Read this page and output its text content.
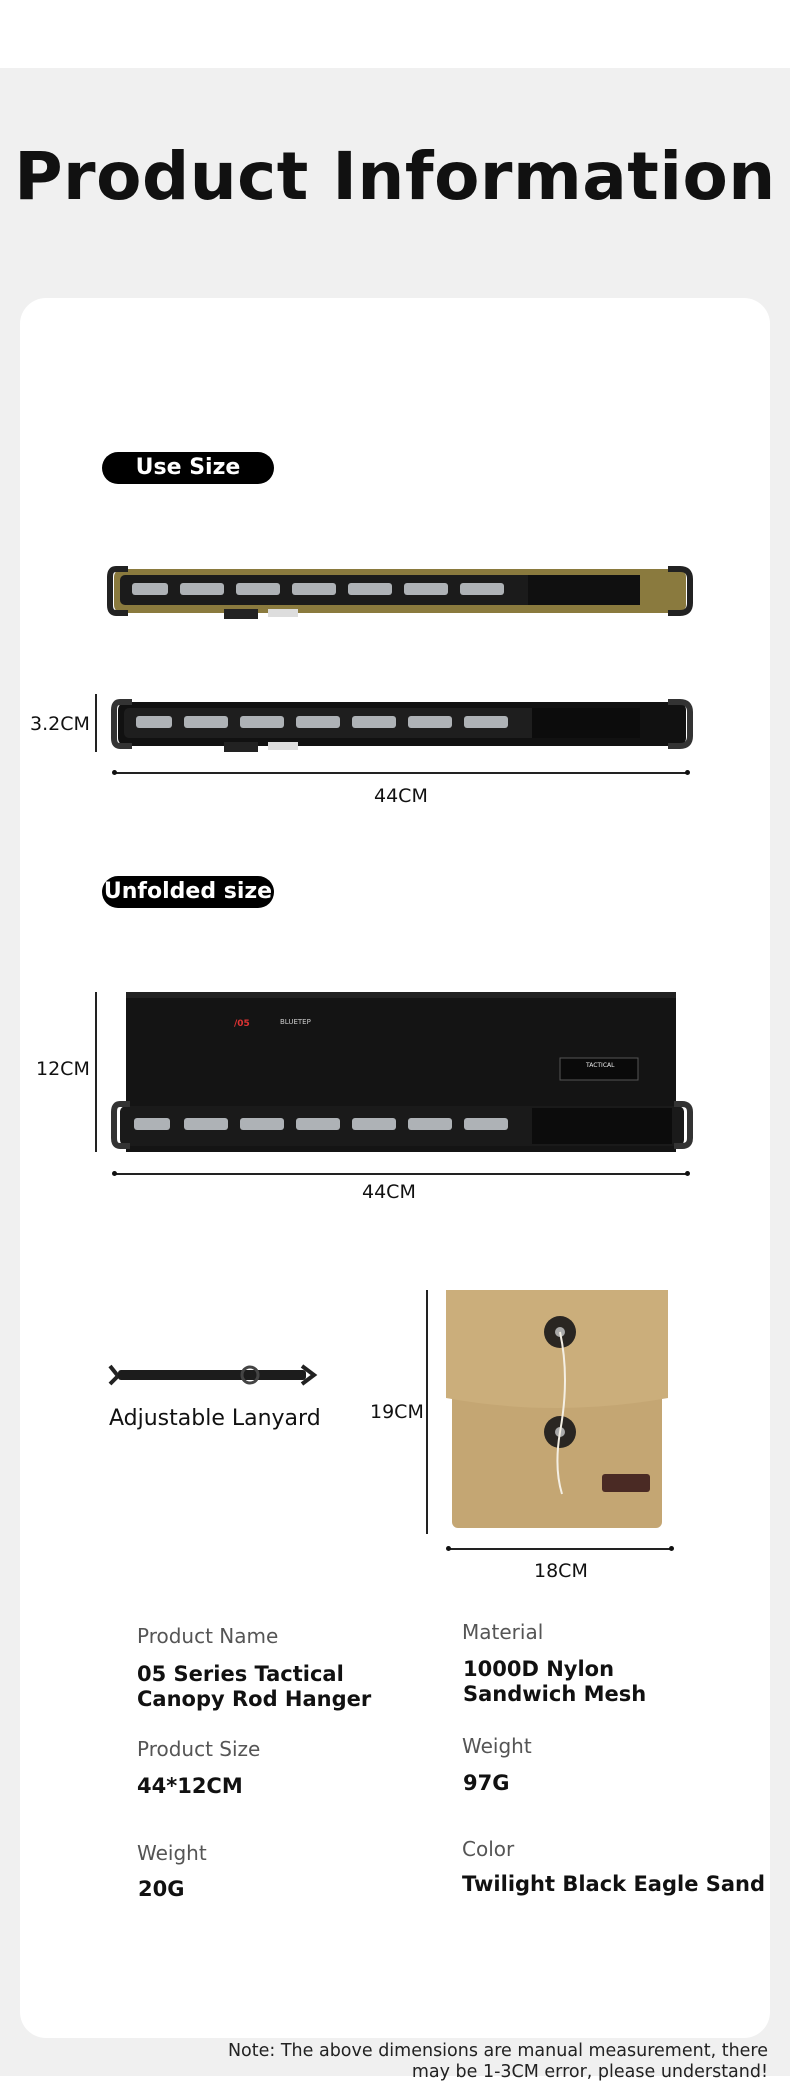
Product Information
Use Size
3.2CM
44CM
Unfolded size
/05	BLUETEP
TACTICAL
12CM
44CM
Adjustable Lanyard	19CM
18CM
Product Name
05 Series Tactical
Canopy Rod Hanger
Material
1000D Nylon
Sandwich Mesh
Product Size
44*12CM
Weight
97G
Weight
20G
Color
Twilight Black Eagle Sand
Note: The above dimensions are manual measurement, there may be 1-3CM error, please understand!
